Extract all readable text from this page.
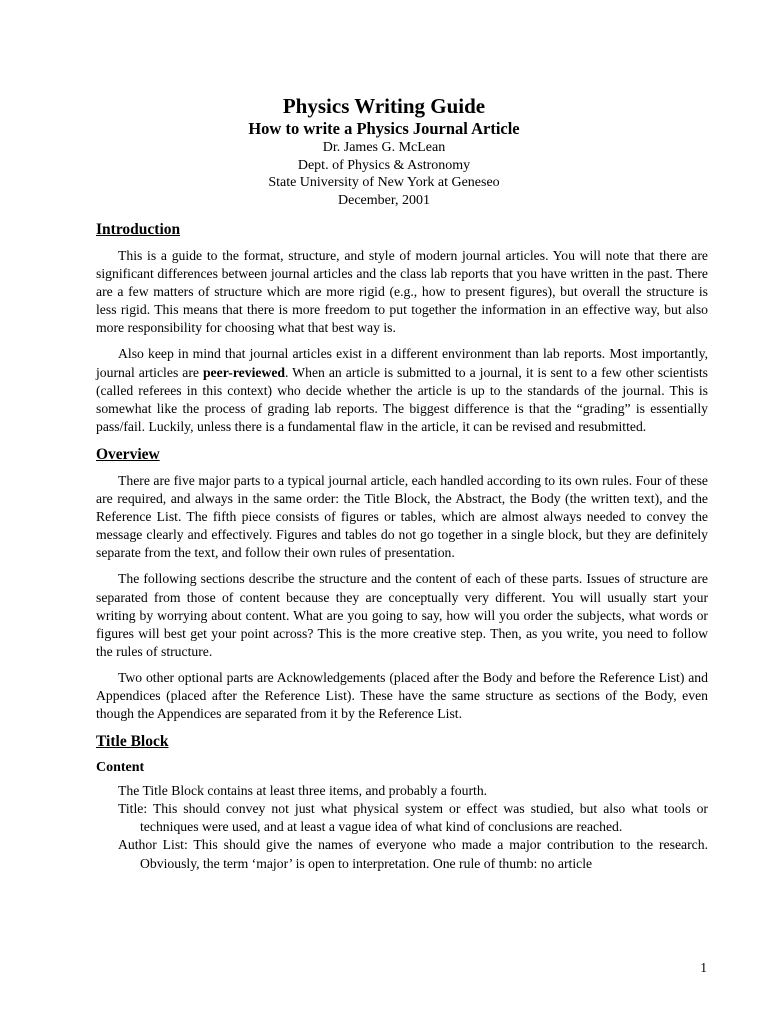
Physics Writing Guide
How to write a Physics Journal Article
Dr. James G. McLean
Dept. of Physics & Astronomy
State University of New York at Geneseo
December, 2001
Introduction

This is a guide to the format, structure, and style of modern journal articles. You will note that there are significant differences between journal articles and the class lab reports that you have written in the past. There are a few matters of structure which are more rigid (e.g., how to present figures), but overall the structure is less rigid. This means that there is more freedom to put together the information in an effective way, but also more responsibility for choosing what that best way is.

Also keep in mind that journal articles exist in a different environment than lab reports. Most importantly, journal articles are peer-reviewed. When an article is submitted to a journal, it is sent to a few other scientists (called referees in this context) who decide whether the article is up to the standards of the journal. This is somewhat like the process of grading lab reports. The biggest difference is that the “grading” is essentially pass/fail. Luckily, unless there is a fundamental flaw in the article, it can be revised and resubmitted.

Overview

There are five major parts to a typical journal article, each handled according to its own rules. Four of these are required, and always in the same order: the Title Block, the Abstract, the Body (the written text), and the Reference List. The fifth piece consists of figures or tables, which are almost always needed to convey the message clearly and effectively. Figures and tables do not go together in a single block, but they are definitely separate from the text, and follow their own rules of presentation.

The following sections describe the structure and the content of each of these parts. Issues of structure are separated from those of content because they are conceptually very different. You will usually start your writing by worrying about content. What are you going to say, how will you order the subjects, what words or figures will best get your point across? This is the more creative step. Then, as you write, you need to follow the rules of structure.

Two other optional parts are Acknowledgements (placed after the Body and before the Reference List) and Appendices (placed after the Reference List). These have the same structure as sections of the Body, even though the Appendices are separated from it by the Reference List.

Title Block
Content
The Title Block contains at least three items, and probably a fourth.
Title: This should convey not just what physical system or effect was studied, but also what tools or techniques were used, and at least a vague idea of what kind of conclusions are reached.
Author List: This should give the names of everyone who made a major contribution to the research. Obviously, the term ‘major’ is open to interpretation. One rule of thumb: no article
1
